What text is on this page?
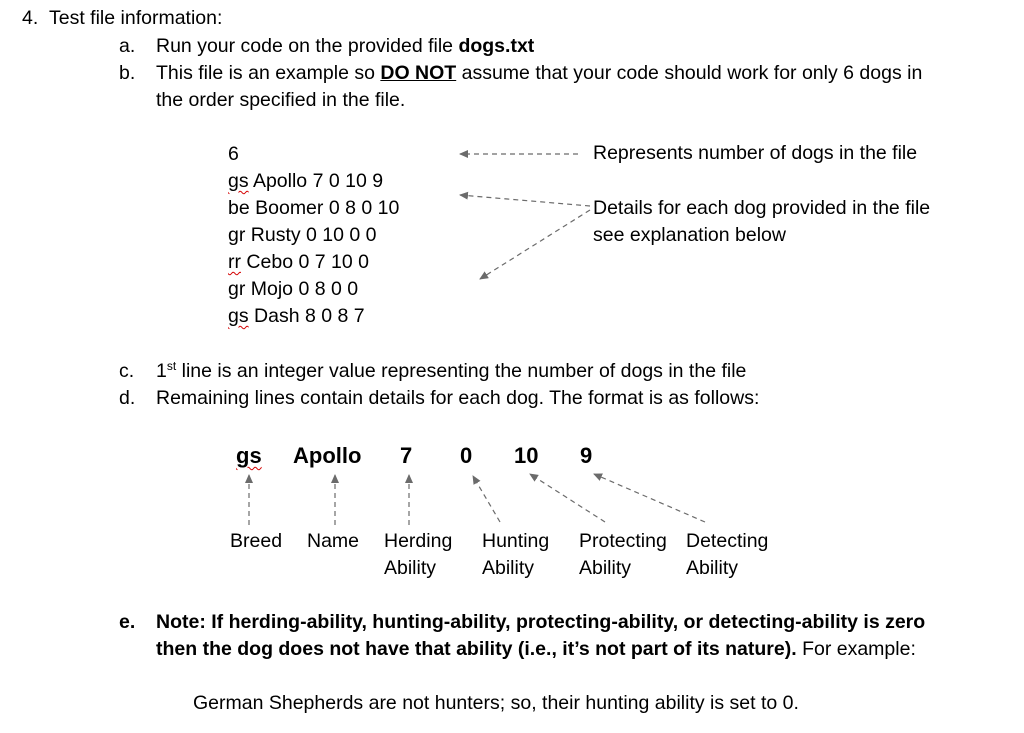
4. Test file information:
a. Run your code on the provided file dogs.txt
b. This file is an example so DO NOT assume that your code should work for only 6 dogs in
the order specified in the file.
6
gs Apollo 7 0 10 9
be Boomer 0 8 0 10
gr Rusty 0 10 0 0
rr Cebo 0 7 10 0
gr Mojo 0 8 0 0
gs Dash 8 0 8 7
Represents number of dogs in the file
Details for each dog provided in the file
see explanation below
c. 1st line is an integer value representing the number of dogs in the file
d. Remaining lines contain details for each dog. The format is as follows:
gs Apollo 7 0 10 9
Breed Name Herding
Ability
Hunting
Ability
Protecting
Ability
Detecting
Ability
e. Note: If herding-ability, hunting-ability, protecting-ability, or detecting-ability is zero
then the dog does not have that ability (i.e., it’s not part of its nature). For example:
German Shepherds are not hunters; so, their hunting ability is set to 0.
